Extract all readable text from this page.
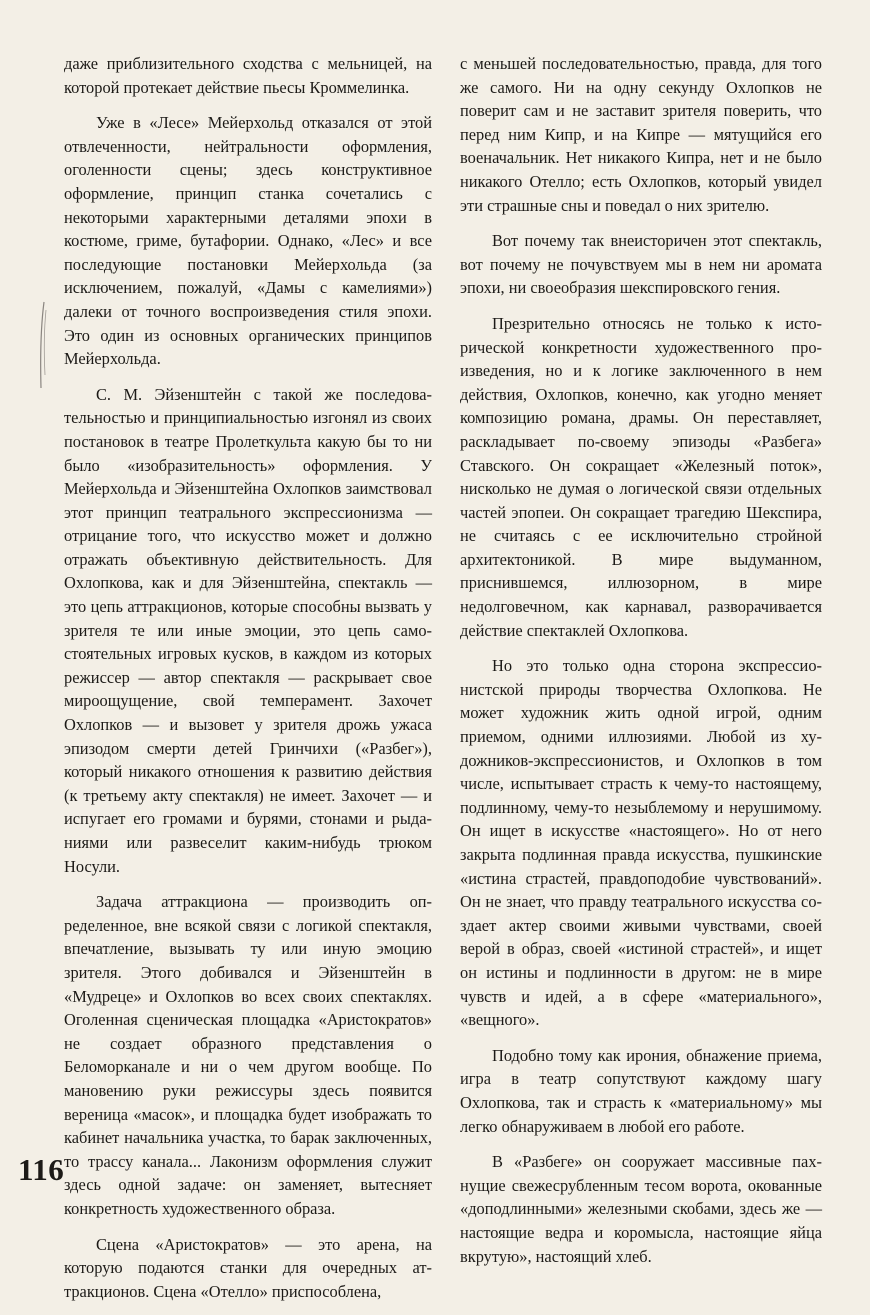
даже приблизительного сходства с мельницей, на которой протекает действие пьесы Кроммелинка.

Уже в «Лесе» Мейерхольд отказался от этой отвлеченности, нейтральности оформления, оголенности сцены; здесь конструктивное оформление, принцип станка сочетались с некоторыми характерными деталями эпохи в костюме, гриме, бутафории. Однако, «Лес» и все последующие постановки Мейерхольда (за исключением, пожалуй, «Дамы с камелиями») далеки от точного воспроизведения стиля эпохи. Это один из основных органических принципов Мейерхольда.

С. М. Эйзенштейн с такой же последовательностью и принципиальностью изгонял из своих постановок в театре Пролеткульта какую бы то ни было «изобразительность» оформления. У Мейерхольда и Эйзенштейна Охлопков заимствовал этот принцип театрального экспрессионизма — отрицание того, что искусство может и должно отражать объективную действительность. Для Охлопкова, как и для Эйзенштейна, спектакль — это цепь аттракционов, которые способны вызвать у зрителя те или иные эмоции, это цепь самостоятельных игровых кусков, в каждом из которых режиссер — автор спектакля — раскрывает свое мироощущение, свой темперамент. Захочет Охлопков — и вызовет у зрителя дрожь ужаса эпизодом смерти детей Гринчихи («Разбег»), который никакого отношения к развитию действия (к третьему акту спектакля) не имеет. Захочет — и испугает его громами и бурями, стонами и рыданиями или развеселит каким-нибудь трюком Носули.

Задача аттракциона — производить определенное, вне всякой связи с логикой спектакля, впечатление, вызывать ту или иную эмоцию зрителя. Этого добивался и Эйзенштейн в «Мудреце» и Охлопков во всех своих спектаклях. Оголенная сценическая площадка «Аристократов» не создает образного представления о Беломорканале и ни о чем другом вообще. По мановению руки режиссуры здесь появится вереница «масок», и площадка будет изображать то кабинет начальника участка, то барак заключенных, то трассу канала... Лаконизм оформления служит здесь одной задаче: он заменяет, вытесняет конкретность художественного образа.

Сцена «Аристократов» — это арена, на которую подаются станки для очередных аттракционов. Сцена «Отелло» приспособлена,

с меньшей последовательностью, правда, для того же самого. Ни на одну секунду Охлопков не поверит сам и не заставит зрителя поверить, что перед ним Кипр, и на Кипре — мятущийся его военачальник. Нет никакого Кипра, нет и не было никакого Отелло; есть Охлопков, который увидел эти страшные сны и поведал о них зрителю.

Вот почему так внеисторичен этот спектакль, вот почему не почувствуем мы в нем ни аромата эпохи, ни своеобразия шекспировского гения.

Презрительно относясь не только к исторической конкретности художественного произведения, но и к логике заключенного в нем действия, Охлопков, конечно, как угодно меняет композицию романа, драмы. Он переставляет, раскладывает по-своему эпизоды «Разбега» Ставского. Он сокращает «Железный поток», нисколько не думая о логической связи отдельных частей эпопеи. Он сокращает трагедию Шекспира, не считаясь с ее исключительно стройной архитектоникой. В мире выдуманном, приснившемся, иллюзорном, в мире недолговечном, как карнавал, разворачивается действие спектаклей Охлопкова.

Но это только одна сторона экспрессионистской природы творчества Охлопкова. Не может художник жить одной игрой, одним приемом, одними иллюзиями. Любой из художников-экспрессионистов, и Охлопков в том числе, испытывает страсть к чему-то настоящему, подлинному, чему-то незыблемому и нерушимому. Он ищет в искусстве «настоящего». Но от него закрыта подлинная правда искусства, пушкинские «истина страстей, правдоподобие чувствований». Он не знает, что правду театрального искусства создает актер своими живыми чувствами, своей верой в образ, своей «истиной страстей», и ищет он истины и подлинности в другом: не в мире чувств и идей, а в сфере «материального», «вещного».

Подобно тому как ирония, обнажение приема, игра в театр сопутствуют каждому шагу Охлопкова, так и страсть к «материальному» мы легко обнаруживаем в любой его работе.

В «Разбеге» он сооружает массивные пахнущие свежесрубленным тесом ворота, окованные «доподлинными» железными скобами, здесь же — настоящие ведра и коромысла, настоящие яйца вкрутую», настоящий хлеб.

116
